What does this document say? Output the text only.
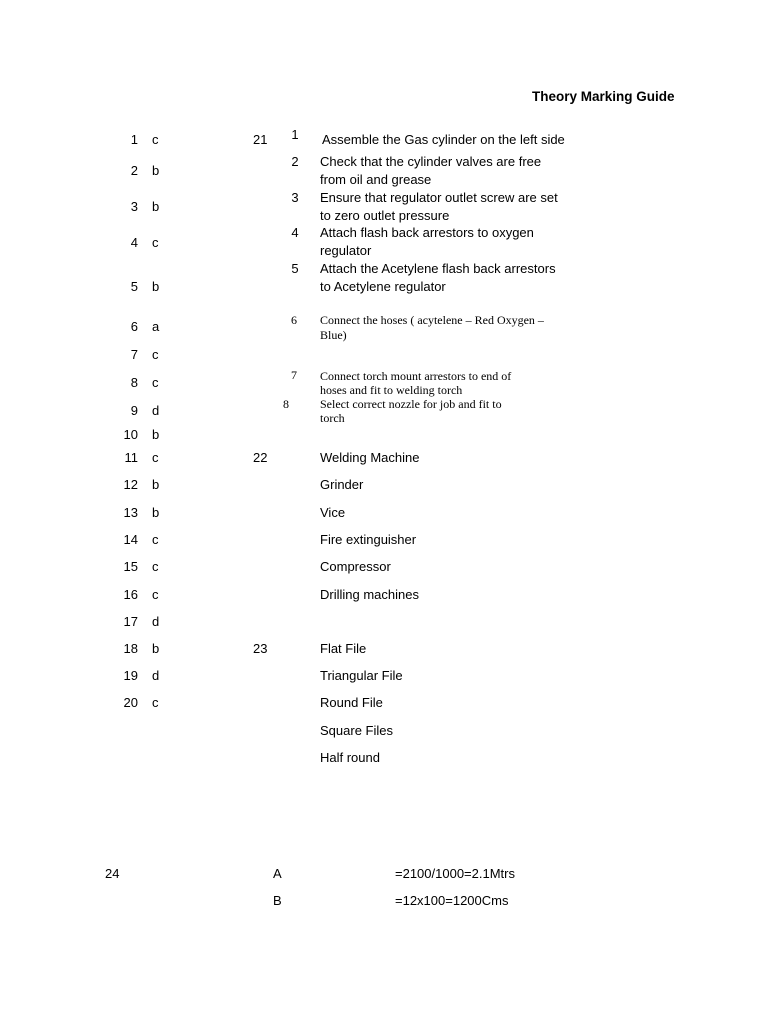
Theory Marking Guide
1 c
2 b
3 b
4 c
5 b
6 a
7 c
8 c
9 d
10 b
11 c
12 b
13 b
14 c
15 c
16 c
17 d
18 b
19 d
20 c
21	1	Assemble the Gas cylinder on the left side
2	Check that the cylinder valves are free
from oil and grease
3	Ensure that regulator outlet screw are set
to zero outlet pressure
4	Attach flash back arrestors to oxygen
regulator
5	Attach the Acetylene flash back arrestors
to Acetylene regulator
6	Connect the hoses ( acytelene – Red Oxygen –
Blue)
7	Connect torch mount arrestors to end of
hoses and fit to welding torch
8	Select correct nozzle for job and fit to
torch
22	Welding Machine
Grinder
Vice
Fire extinguisher
Compressor
Drilling machines
23	Flat File
Triangular File
Round File
Square Files
Half round
24	A	=2100/1000=2.1Mtrs
B	=12x100=1200Cms
